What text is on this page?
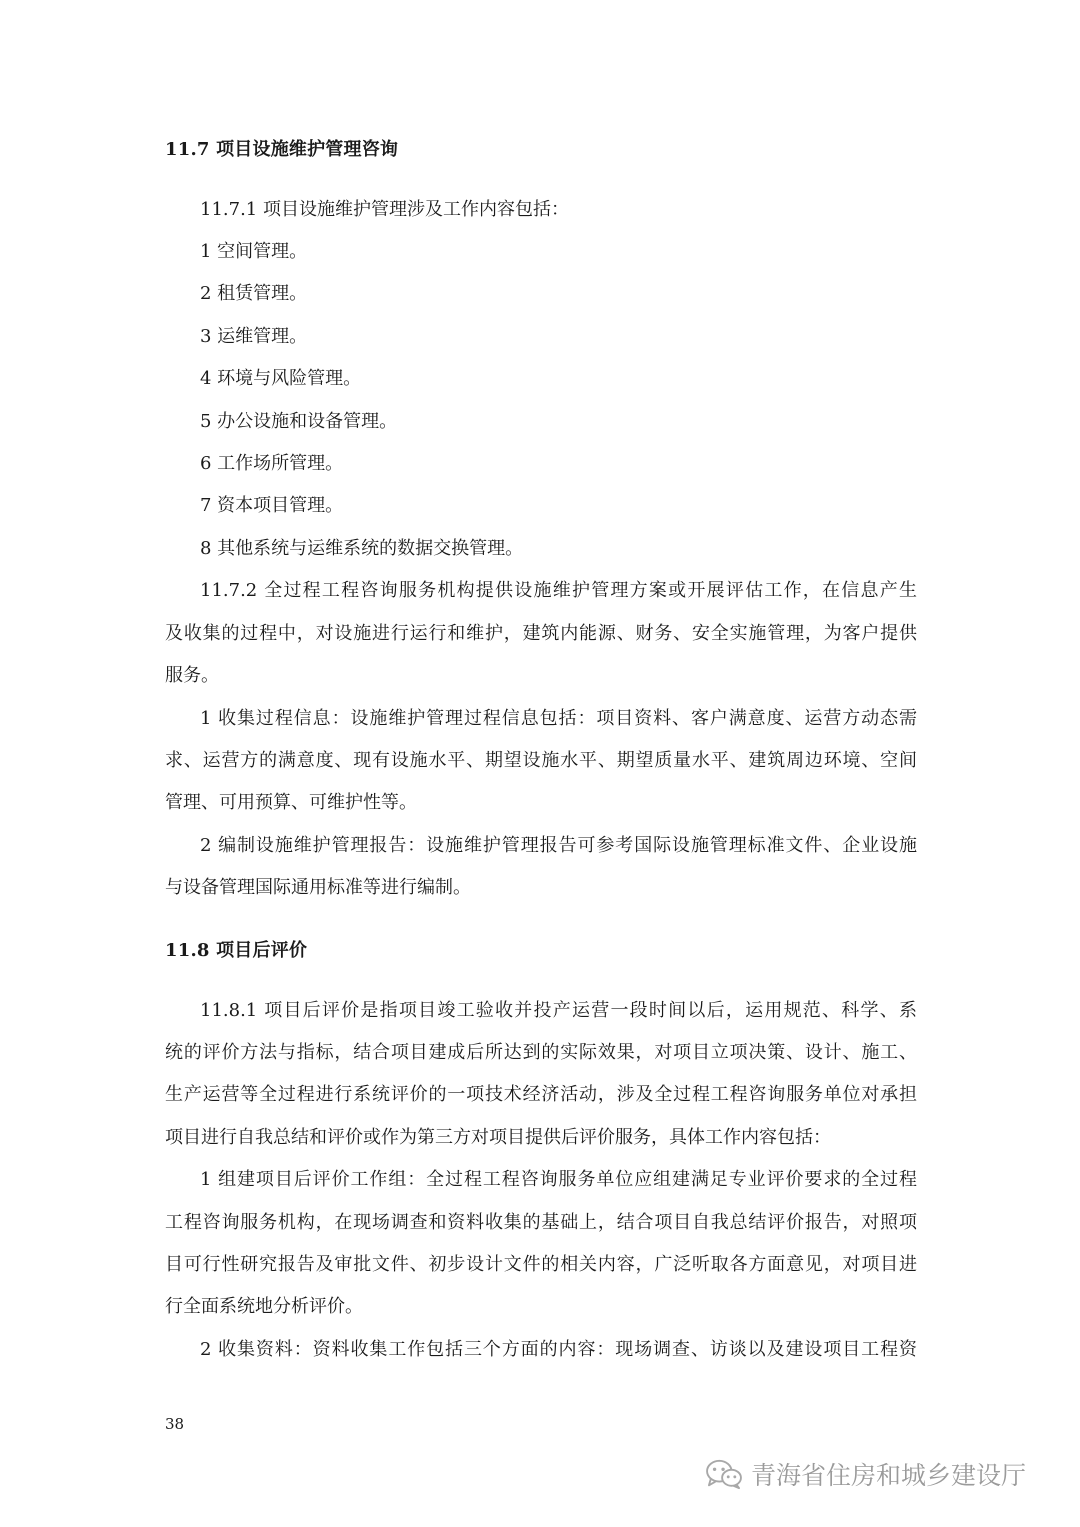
11.7 项目设施维护管理咨询
11.7.1 项目设施维护管理涉及工作内容包括：
1 空间管理。
2 租赁管理。
3 运维管理。
4 环境与风险管理。
5 办公设施和设备管理。
6 工作场所管理。
7 资本项目管理。
8 其他系统与运维系统的数据交换管理。
11.7.2 全过程工程咨询服务机构提供设施维护管理方案或开展评估工作，在信息产生
及收集的过程中，对设施进行运行和维护，建筑内能源、财务、安全实施管理，为客户提供
服务。
1 收集过程信息：设施维护管理过程信息包括：项目资料、客户满意度、运营方动态需
求、运营方的满意度、现有设施水平、期望设施水平、期望质量水平、建筑周边环境、空间
管理、可用预算、可维护性等。
2 编制设施维护管理报告：设施维护管理报告可参考国际设施管理标准文件、企业设施
与设备管理国际通用标准等进行编制。
11.8 项目后评价
11.8.1 项目后评价是指项目竣工验收并投产运营一段时间以后，运用规范、科学、系
统的评价方法与指标，结合项目建成后所达到的实际效果，对项目立项决策、设计、施工、
生产运营等全过程进行系统评价的一项技术经济活动，涉及全过程工程咨询服务单位对承担
项目进行自我总结和评价或作为第三方对项目提供后评价服务，具体工作内容包括：
1 组建项目后评价工作组：全过程工程咨询服务单位应组建满足专业评价要求的全过程
工程咨询服务机构，在现场调查和资料收集的基础上，结合项目自我总结评价报告，对照项
目可行性研究报告及审批文件、初步设计文件的相关内容，广泛听取各方面意见，对项目进
行全面系统地分析评价。
2 收集资料：资料收集工作包括三个方面的内容：现场调查、访谈以及建设项目工程资
38
青海省住房和城乡建设厅
